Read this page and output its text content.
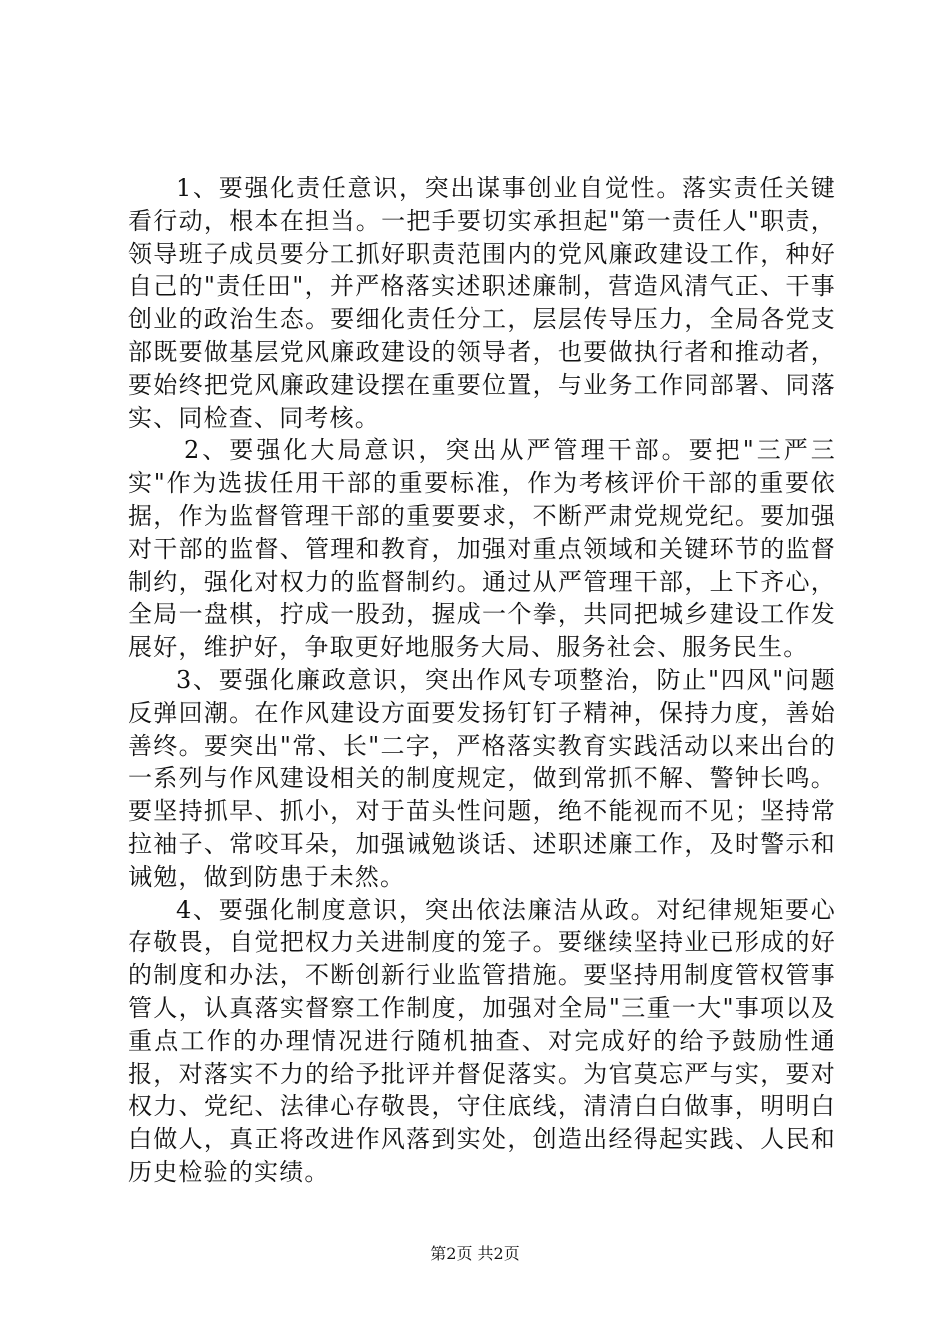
1、要强化责任意识，突出谋事创业自觉性。落实责任关键看行动，根本在担当。一把手要切实承担起"第一责任人"职责，领导班子成员要分工抓好职责范围内的党风廉政建设工作，种好自己的"责任田"，并严格落实述职述廉制，营造风清气正、干事创业的政治生态。要细化责任分工，层层传导压力，全局各党支部既要做基层党风廉政建设的领导者，也要做执行者和推动者，要始终把党风廉政建设摆在重要位置，与业务工作同部署、同落实、同检查、同考核。

2、要强化大局意识，突出从严管理干部。要把"三严三实"作为选拔任用干部的重要标准，作为考核评价干部的重要依据，作为监督管理干部的重要要求，不断严肃党规党纪。要加强对干部的监督、管理和教育，加强对重点领域和关键环节的监督制约，强化对权力的监督制约。通过从严管理干部，上下齐心，全局一盘棋，拧成一股劲，握成一个拳，共同把城乡建设工作发展好，维护好，争取更好地服务大局、服务社会、服务民生。

3、要强化廉政意识，突出作风专项整治，防止"四风"问题反弹回潮。在作风建设方面要发扬钉钉子精神，保持力度，善始善终。要突出"常、长"二字，严格落实教育实践活动以来出台的一系列与作风建设相关的制度规定，做到常抓不解、警钟长鸣。要坚持抓早、抓小，对于苗头性问题，绝不能视而不见；坚持常拉袖子、常咬耳朵，加强诫勉谈话、述职述廉工作，及时警示和诫勉，做到防患于未然。

4、要强化制度意识，突出依法廉洁从政。对纪律规矩要心存敬畏，自觉把权力关进制度的笼子。要继续坚持业已形成的好的制度和办法，不断创新行业监管措施。要坚持用制度管权管事管人，认真落实督察工作制度，加强对全局"三重一大"事项以及重点工作的办理情况进行随机抽查、对完成好的给予鼓励性通报，对落实不力的给予批评并督促落实。为官莫忘严与实，要对权力、党纪、法律心存敬畏，守住底线，清清白白做事，明明白白做人，真正将改进作风落到实处，创造出经得起实践、人民和历史检验的实绩。

第2页 共2页
